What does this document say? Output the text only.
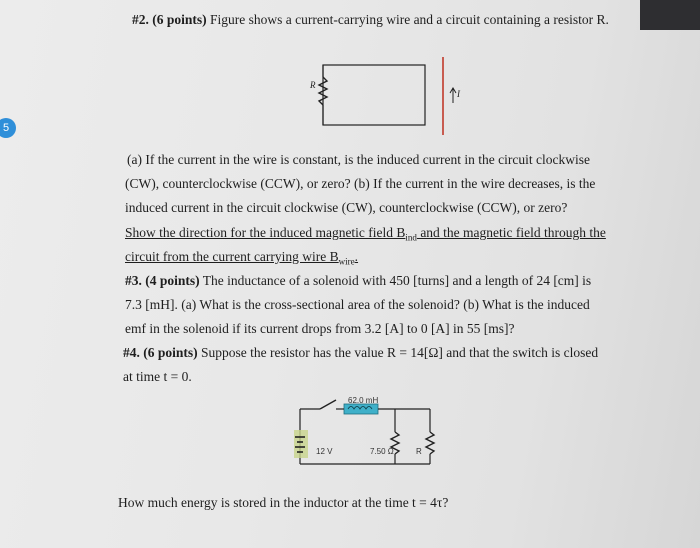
5
#2. (6 points) Figure shows a current-carrying wire and a circuit containing a resistor R.
R
I
(a) If the current in the wire is constant, is the induced current in the circuit clockwise
(CW), counterclockwise (CCW), or zero? (b) If the current in the wire decreases, is the
induced current in the circuit clockwise (CW), counterclockwise (CCW), or zero?
Show the direction for the induced magnetic field $B_{ind}$ and the magnetic field through the
circuit from the current carrying wire $B_{wire}$.
#3. (4 points) The inductance of a solenoid with 450 [turns] and a length of 24 [cm] is
7.3 [mH]. (a) What is the cross-sectional area of the solenoid? (b) What is the induced
emf in the solenoid if its current drops from 3.2 [A] to 0 [A] in 55 [ms]?
#4. (6 points) Suppose the resistor has the value R = 14[Ω] and that the switch is closed
at time t = 0.
62.0 mH
12 V	7.50 Ω	R
How much energy is stored in the inductor at the time t = 4τ?
